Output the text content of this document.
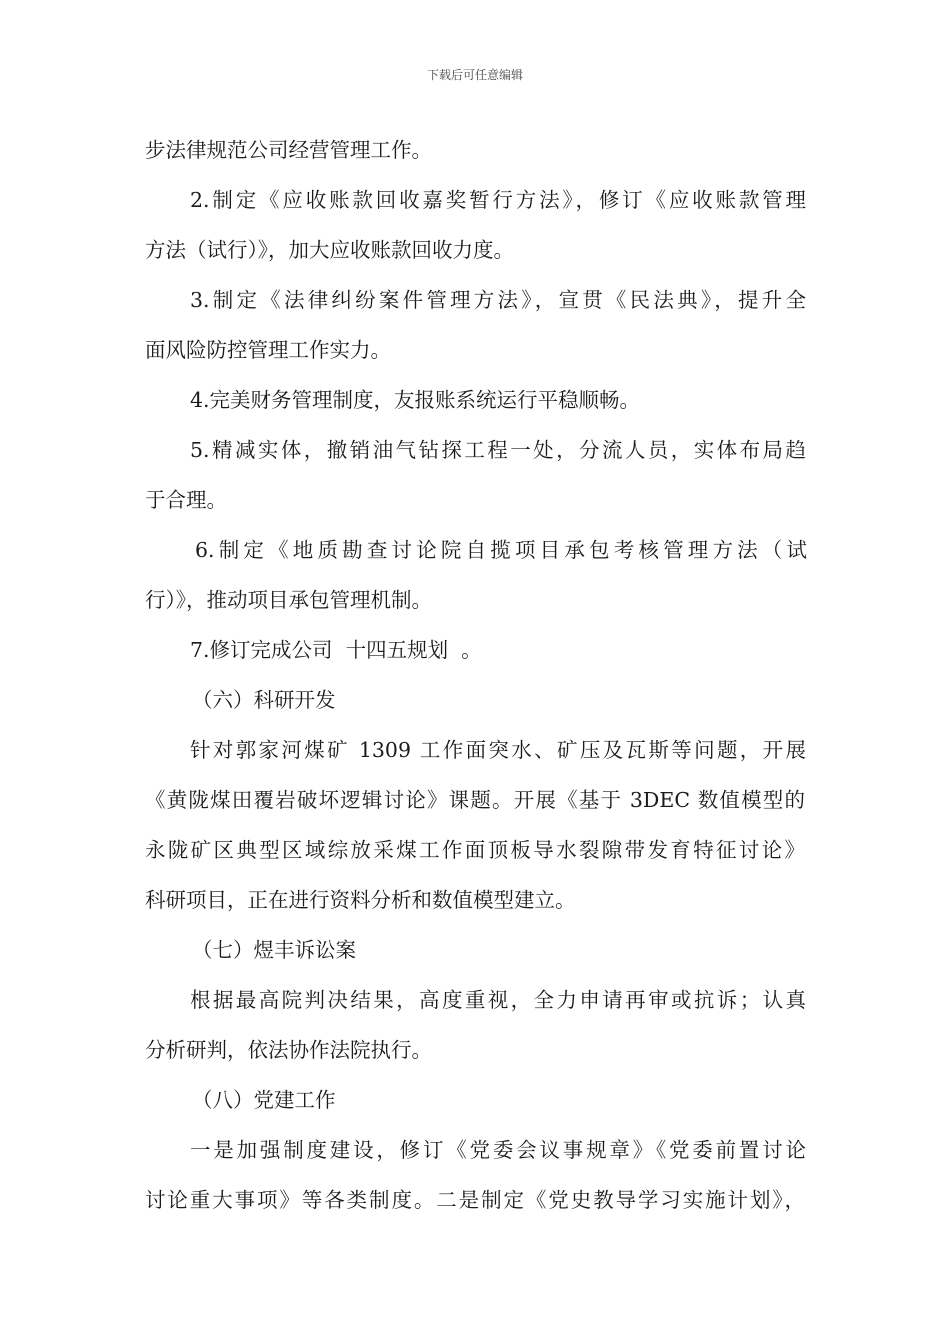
下载后可任意编辑
步法律规范公司经营管理工作。
2.制定《应收账款回收嘉奖暂行方法》，修订《应收账款管理
方法（试行）》，加大应收账款回收力度。
3.制定《法律纠纷案件管理方法》，宣贯《民法典》，提升全
面风险防控管理工作实力。
4.完美财务管理制度，友报账系统运行平稳顺畅。
5.精减实体，撤销油气钻探工程一处，分流人员，实体布局趋
于合理。
6.制定《地质勘查讨论院自揽项目承包考核管理方法（试
行）》，推动项目承包管理机制。
7.修订完成公司  十四五规划  。
（六）科研开发
针对郭家河煤矿 1309 工作面突水、矿压及瓦斯等问题，开展
《黄陇煤田覆岩破坏逻辑讨论》课题。开展《基于 3DEC 数值模型的
永陇矿区典型区域综放采煤工作面顶板导水裂隙带发育特征讨论》
科研项目，正在进行资料分析和数值模型建立。
（七）煜丰诉讼案
根据最高院判决结果，高度重视，全力申请再审或抗诉；认真
分析研判，依法协作法院执行。
（八）党建工作
一是加强制度建设，修订《党委会议事规章》《党委前置讨论
讨论重大事项》等各类制度。二是制定《党史教导学习实施计划》，
